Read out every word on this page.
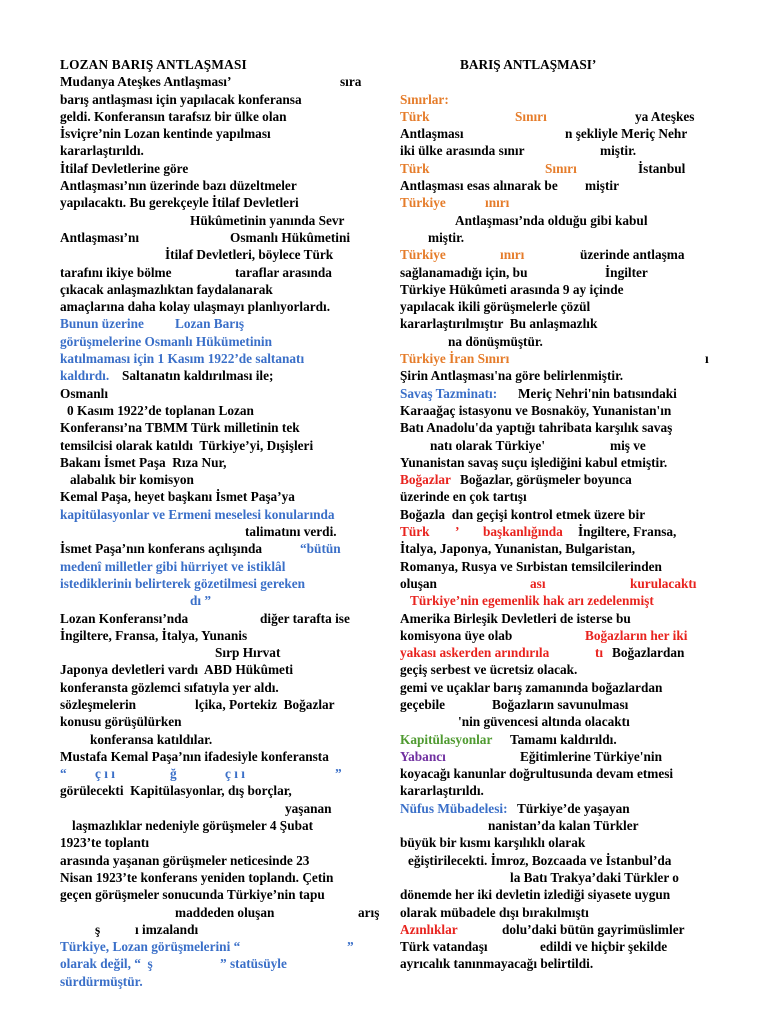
LOZAN BARIŞ ANTLAŞMASI
Mudanya Ateşkes Antlaşması’	sıra
barış antlaşması için yapılacak konferansa
geldi. Konferansın tarafsız bir ülke olan
İsviçre’nin Lozan kentinde yapılması
kararlaştırıldı.
İtilaf Devletlerine göre
Antlaşması’nın üzerinde bazı düzeltmeler
yapılacaktı. Bu gerekçeyle İtilaf Devletleri
Hükûmetinin yanında Sevr
Antlaşması’nı	Osmanlı Hükûmetini
İtilaf Devletleri, böylece Türk
tarafını ikiye bölme	taraflar arasında
çıkacak anlaşmazlıktan faydalanarak
amaçlarına daha kolay ulaşmayı planlıyorlardı.
Bunun üzerine Lozan Barış
görüşmelerine Osmanlı Hükümetinin
katılmaması için 1 Kasım 1922’de saltanatı
kaldırdı. Saltanatın kaldırılması ile;
Osmanlı
0 Kasım 1922’de toplanan Lozan
Konferansı’na TBMM Türk milletinin tek
temsilcisi olarak katıldı  Türkiye’yi, Dışişleri
Bakanı İsmet Paşa  Rıza Nur,
alabalık bir komisyon
Kemal Paşa, heyet başkanı İsmet Paşa’ya
kapitülasyonlar ve Ermeni meselesi konularında
talimatını verdi.
İsmet Paşa’nın konferans açılışında	“bütün
medenî milletler gibi hürriyet ve istiklâl
istedikleriniı belirterek gözetilmesi gereken
dı ”
Lozan Konferansı’nda	diğer tarafta ise
İngiltere, Fransa, İtalya, Yunanis
Sırp Hırvat
Japonya devletleri vardı  ABD Hükûmeti
konferansta gözlemci sıfatıyla yer aldı.
sözleşmelerin	lçika, Portekiz  Boğazlar
konusu görüşülürken
konferansa katıldılar.
Mustafa Kemal Paşa’nın ifadesiyle konferansta
“ ç ı ı	ğ	ç ı ı	”
görülecekti  Kapitülasyonlar, dış borçlar,
yaşanan
laşmazlıklar nedeniyle görüşmeler 4 Şubat
1923’te toplantı
arasında yaşanan görüşmeler neticesinde 23
Nisan 1923’te konferans yeniden toplandı. Çetin
geçen görüşmeler sonucunda Türkiye’nin tapu
maddeden oluşan	arış
ş	ı imzalandı
Türkiye, Lozan görüşmelerini “	”
olarak değil, “  ş	” statüsüyle
sürdürmüştür.
BARIŞ ANTLAŞMASI’
Sınırlar:
Türk	Sınırı	ya Ateşkes
Antlaşması	n şekliyle Meriç Nehr
iki ülke arasında sınır	miştir.
Türk	Sınırı	İstanbul
Antlaşması esas alınarak be miştir
Türkiye	ınırı
Antlaşması’nda olduğu gibi kabul
miştir.
Türkiye	ınırı	üzerinde antlaşma
sağlanamadığı için, bu	İngilter
Türkiye Hükûmeti arasında 9 ay içinde
yapılacak ikili görüşmelerle çözül
kararlaştırılmıştır  Bu anlaşmazlık
na dönüşmüştür.
Türkiye İran Sınırı	ı
Şirin Antlaşması'na göre belirlenmiştir.
Savaş Tazminatı: Meriç Nehri'nin batısındaki
Karaağaç istasyonu ve Bosnaköy, Yunanistan'ın
Batı Anadolu'da yaptığı tahribata karşılık savaş
natı olarak Türkiye'	miş ve
Yunanistan savaş suçu işlediğini kabul etmiştir.
Boğazlar Boğazlar, görüşmeler boyunca
üzerinde en çok tartışı
Boğazla  dan geçişi kontrol etmek üzere bir
Türk ’ başkanlığında İngiltere, Fransa,
İtalya, Japonya, Yunanistan, Bulgaristan,
Romanya, Rusya ve Sırbistan temsilcilerinden
oluşan	ası	kurulacaktı
Türkiye’nin egemenlik hak arı zedelenmişt
Amerika Birleşik Devletleri de isterse bu
komisyona üye olab	Boğazların her iki
yakası askerden arındırıla	tı Boğazlardan
geçiş serbest ve ücretsiz olacak.
gemi ve uçaklar barış zamanında boğazlardan
geçebile	Boğazların savunulması
'nin güvencesi altında olacaktı
Kapitülasyonlar Tamamı kaldırıldı.
Yabancı	Eğitimlerine Türkiye'nin
koyacağı kanunlar doğrultusunda devam etmesi
kararlaştırıldı.
Nüfus Mübadelesi: Türkiye’de yaşayan
nanistan’da kalan Türkler
büyük bir kısmı karşılıklı olarak
eğiştirilecekti. İmroz, Bozcaada ve İstanbul’da
la Batı Trakya’daki Türkler o
dönemde her iki devletin izlediği siyasete uygun
olarak mübadele dışı bırakılmıştı
Azınlıklar	dolu’daki bütün gayrimüslimler
Türk vatandaşı	edildi ve hiçbir şekilde
ayrıcalık tanınmayacağı belirtildi.
